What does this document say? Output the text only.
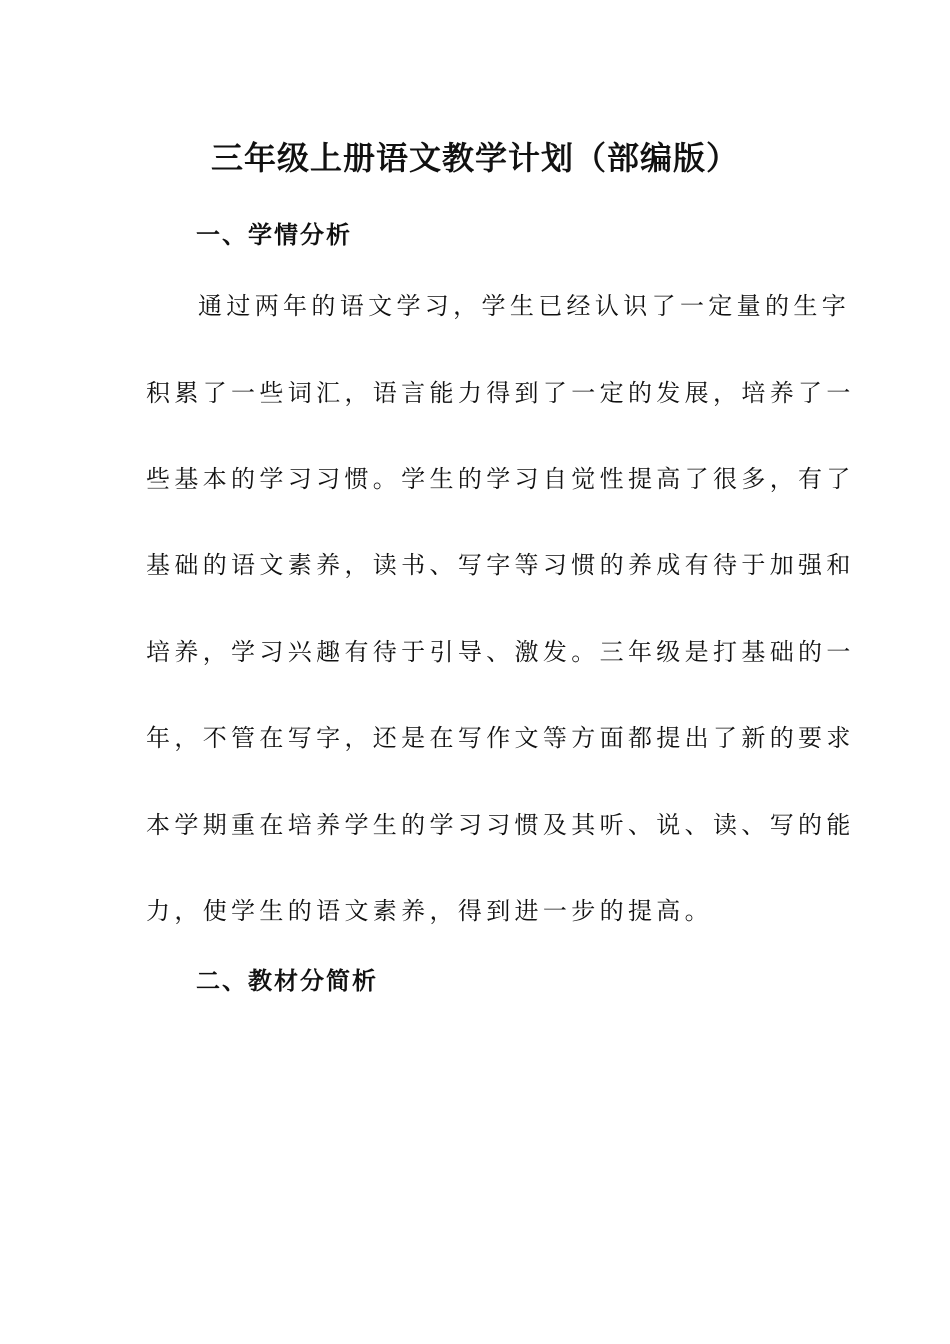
三年级上册语文教学计划（部编版）
一、学情分析
通过两年的语文学习，学生已经认识了一定量的生字
积累了一些词汇，语言能力得到了一定的发展，培养了一
些基本的学习习惯。学生的学习自觉性提高了很多，有了
基础的语文素养，读书、写字等习惯的养成有待于加强和
培养，学习兴趣有待于引导、激发。三年级是打基础的一
年，不管在写字，还是在写作文等方面都提出了新的要求
本学期重在培养学生的学习习惯及其听、说、读、写的能
力，使学生的语文素养，得到进一步的提高。
二、教材分简析
